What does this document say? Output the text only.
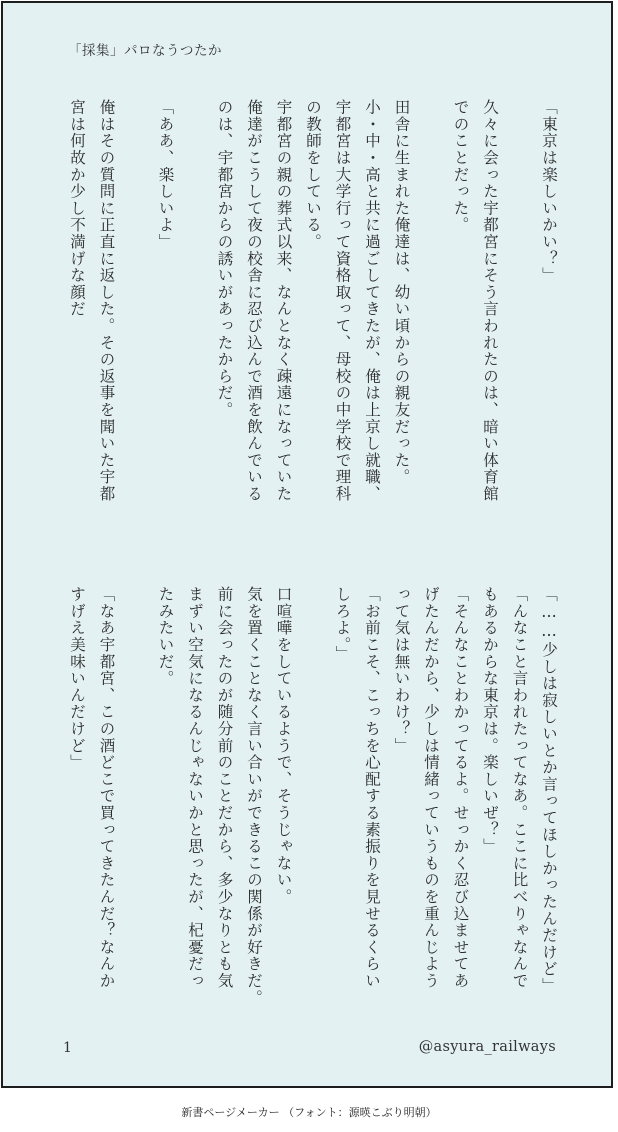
「採集」パロなうつたか
「東京は楽しいかい？」
久々に会った宇都宮にそう言われたのは、暗い体育館
でのことだった。
田舎に生まれた俺達は、幼い頃からの親友だった。
小・中・高と共に過ごしてきたが、俺は上京し就職、
宇都宮は大学行って資格取って、母校の中学校で理科
の教師をしている。
宇都宮の親の葬式以来、なんとなく疎遠になっていた
俺達がこうして夜の校舎に忍び込んで酒を飲んでいる
のは、宇都宮からの誘いがあったからだ。
「ああ、楽しいよ」
俺はその質問に正直に返した。その返事を聞いた宇都
宮は何故か少し不満げな顔だ
「……少しは寂しいとか言ってほしかったんだけど」
「んなこと言われたってなあ。ここに比べりゃなんで
もあるからな東京は。楽しいぜ？」
「そんなことわかってるよ。せっかく忍び込ませてあ
げたんだから、少しは情緒っていうものを重んじよう
って気は無いわけ？」
「お前こそ、こっちを心配する素振りを見せるくらい
しろよ。」
口喧嘩をしているようで、そうじゃない。
気を置くことなく言い合いができるこの関係が好きだ。
前に会ったのが随分前のことだから、多少なりとも気
まずい空気になるんじゃないかと思ったが、杞憂だっ
たみたいだ。
「なあ宇都宮、この酒どこで買ってきたんだ？なんか
すげえ美味いんだけど」
1	@asyura_railways
新書ページメーカー （フォント：源暎こぶり明朝）
